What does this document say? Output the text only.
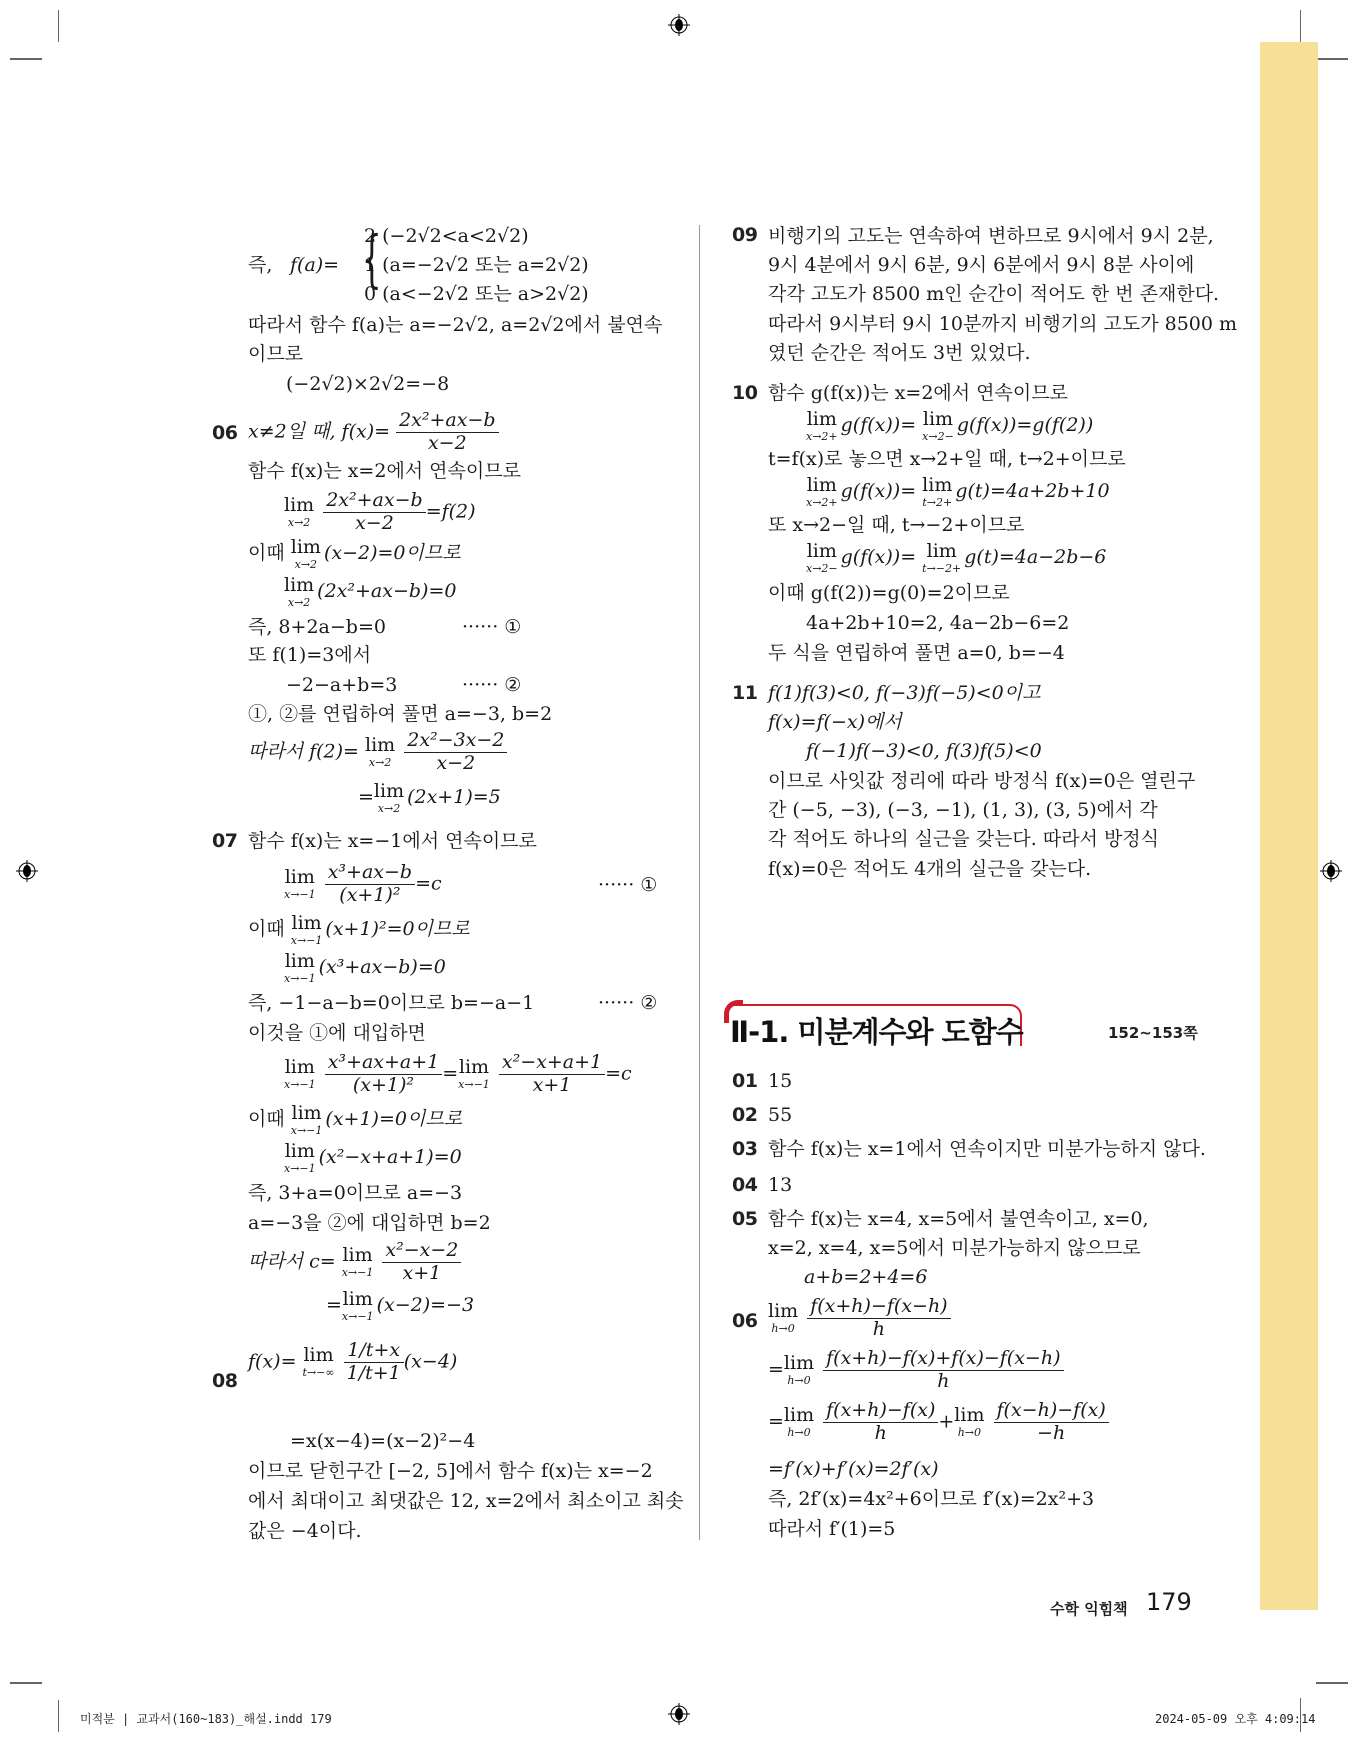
즉, f(a)= {
2 (−2√2<a<2√2)
1 (a=−2√2 또는 a=2√2)
0 (a<−2√2 또는 a>2√2)
따라서 함수 f(a)는 a=−2√2, a=2√2에서 불연속
이므로
(−2√2)×2√2=−8
06 x≠2일 때, $f(x)= \frac{\text{2x²+ax−b}}{x-2}$
함수 f(x)는 x=2에서 연속이므로
lim
x→2
$\frac{\text{2x²+ax−b}}{x-2} =f(2)$
이때 lim
x→2
(x−2)=0이므로
lim
x→2
(2x²+ax−b)=0
즉, 8+2a−b=0	······ ①
또 f(1)=3에서
−2−a+b=3	······ ②
①, ②를 연립하여 풀면 a=−3, b=2
따라서 f(2)= lim
x→2
$\frac{\text{2x²−3x−2}}{x-2}$
= lim
x→2
(2x+1)=5
07 함수 f(x)는 x=−1에서 연속이므로
lim
x→−1
$\frac{\text{x³+ax−b}}{\text{(x+1)²}} =c$	······ ①
이때 lim
x→−1
(x+1)²=0이므로
lim
x→−1
(x³+ax−b)=0
즉, −1−a−b=0이므로 b=−a−1	······ ②
이것을 ①에 대입하면
lim
x→−1
$\frac{\text{x³+ax+a+1}}{\text{(x+1)²}} = \lim$
x→−1
$\frac{\text{x²−x+a+1}}{x+1} =c$
이때 lim
x→−1
(x+1)=0이므로
lim
x→−1
(x²−x+a+1)=0
즉, 3+a=0이므로 a=−3
a=−3을 ②에 대입하면 b=2
따라서 c= lim
x→−1
$\frac{\text{x²−x−2}}{x+1}$
= lim
x→−1
(x−2)=−3
08
f(x)= lim
t→−∞
$\frac{1/t+x}{1/t+1} (x-4)$
=x(x−4)=(x−2)²−4
이므로 닫힌구간 [−2, 5]에서 함수 f(x)는 x=−2
에서 최대이고 최댓값은 12, x=2에서 최소이고 최솟
값은 −4이다.
09 비행기의 고도는 연속하여 변하므로 9시에서 9시 2분,
9시 4분에서 9시 6분, 9시 6분에서 9시 8분 사이에
각각 고도가 8500 m인 순간이 적어도 한 번 존재한다.
따라서 9시부터 9시 10분까지 비행기의 고도가 8500 m
였던 순간은 적어도 3번 있었다.
10 함수 g(f(x))는 x=2에서 연속이므로
lim
x→2+
g(f(x))= lim
x→2−
g(f(x))=g(f(2))
t=f(x)로 놓으면 x→2+일 때, t→2+이므로
lim
x→2+
g(f(x))= lim
t→2+
g(t)=4a+2b+10
또 x→2−일 때, t→−2+이므로
lim
x→2−
g(f(x))= lim
t→−2+
g(t)=4a−2b−6
이때 g(f(2))=g(0)=2이므로
4a+2b+10=2, 4a−2b−6=2
두 식을 연립하여 풀면 a=0, b=−4
11 f(1)f(3)<0, f(−3)f(−5)<0이고
f(x)=f(−x)에서
f(−1)f(−3)<0, f(3)f(5)<0
이므로 사잇값 정리에 따라 방정식 f(x)=0은 열린구
간 (−5, −3), (−3, −1), (1, 3), (3, 5)에서 각
각 적어도 하나의 실근을 갖는다. 따라서 방정식
f(x)=0은 적어도 4개의 실근을 갖는다.
Ⅱ-1. 미분계수와 도함수	152~153쪽
01 15
02 55
03 함수 f(x)는 x=1에서 연속이지만 미분가능하지 않다.
04 13
05 함수 f(x)는 x=4, x=5에서 불연속이고, x=0,
x=2, x=4, x=5에서 미분가능하지 않으므로
a+b=2+4=6
06 lim
h→0
$\frac{f(x+h)-f(x-h)}{h}$
= lim
h→0
$\frac{f(x+h)-f(x)+f(x)-f(x-h)}{h}$
= lim
h→0
$\frac{f(x+h)-f(x)}{h} + \lim$
h→0
$\frac{f(x-h)-f(x)}{-h}$
=f′(x)+f′(x)=2f′(x)
즉, 2f′(x)=4x²+6이므로 f′(x)=2x²+3
따라서 f′(1)=5
수학 익힘책 179
미적분 | 교과서(160~183)_해설.indd 179	2024-05-09 오후 4:09:14
